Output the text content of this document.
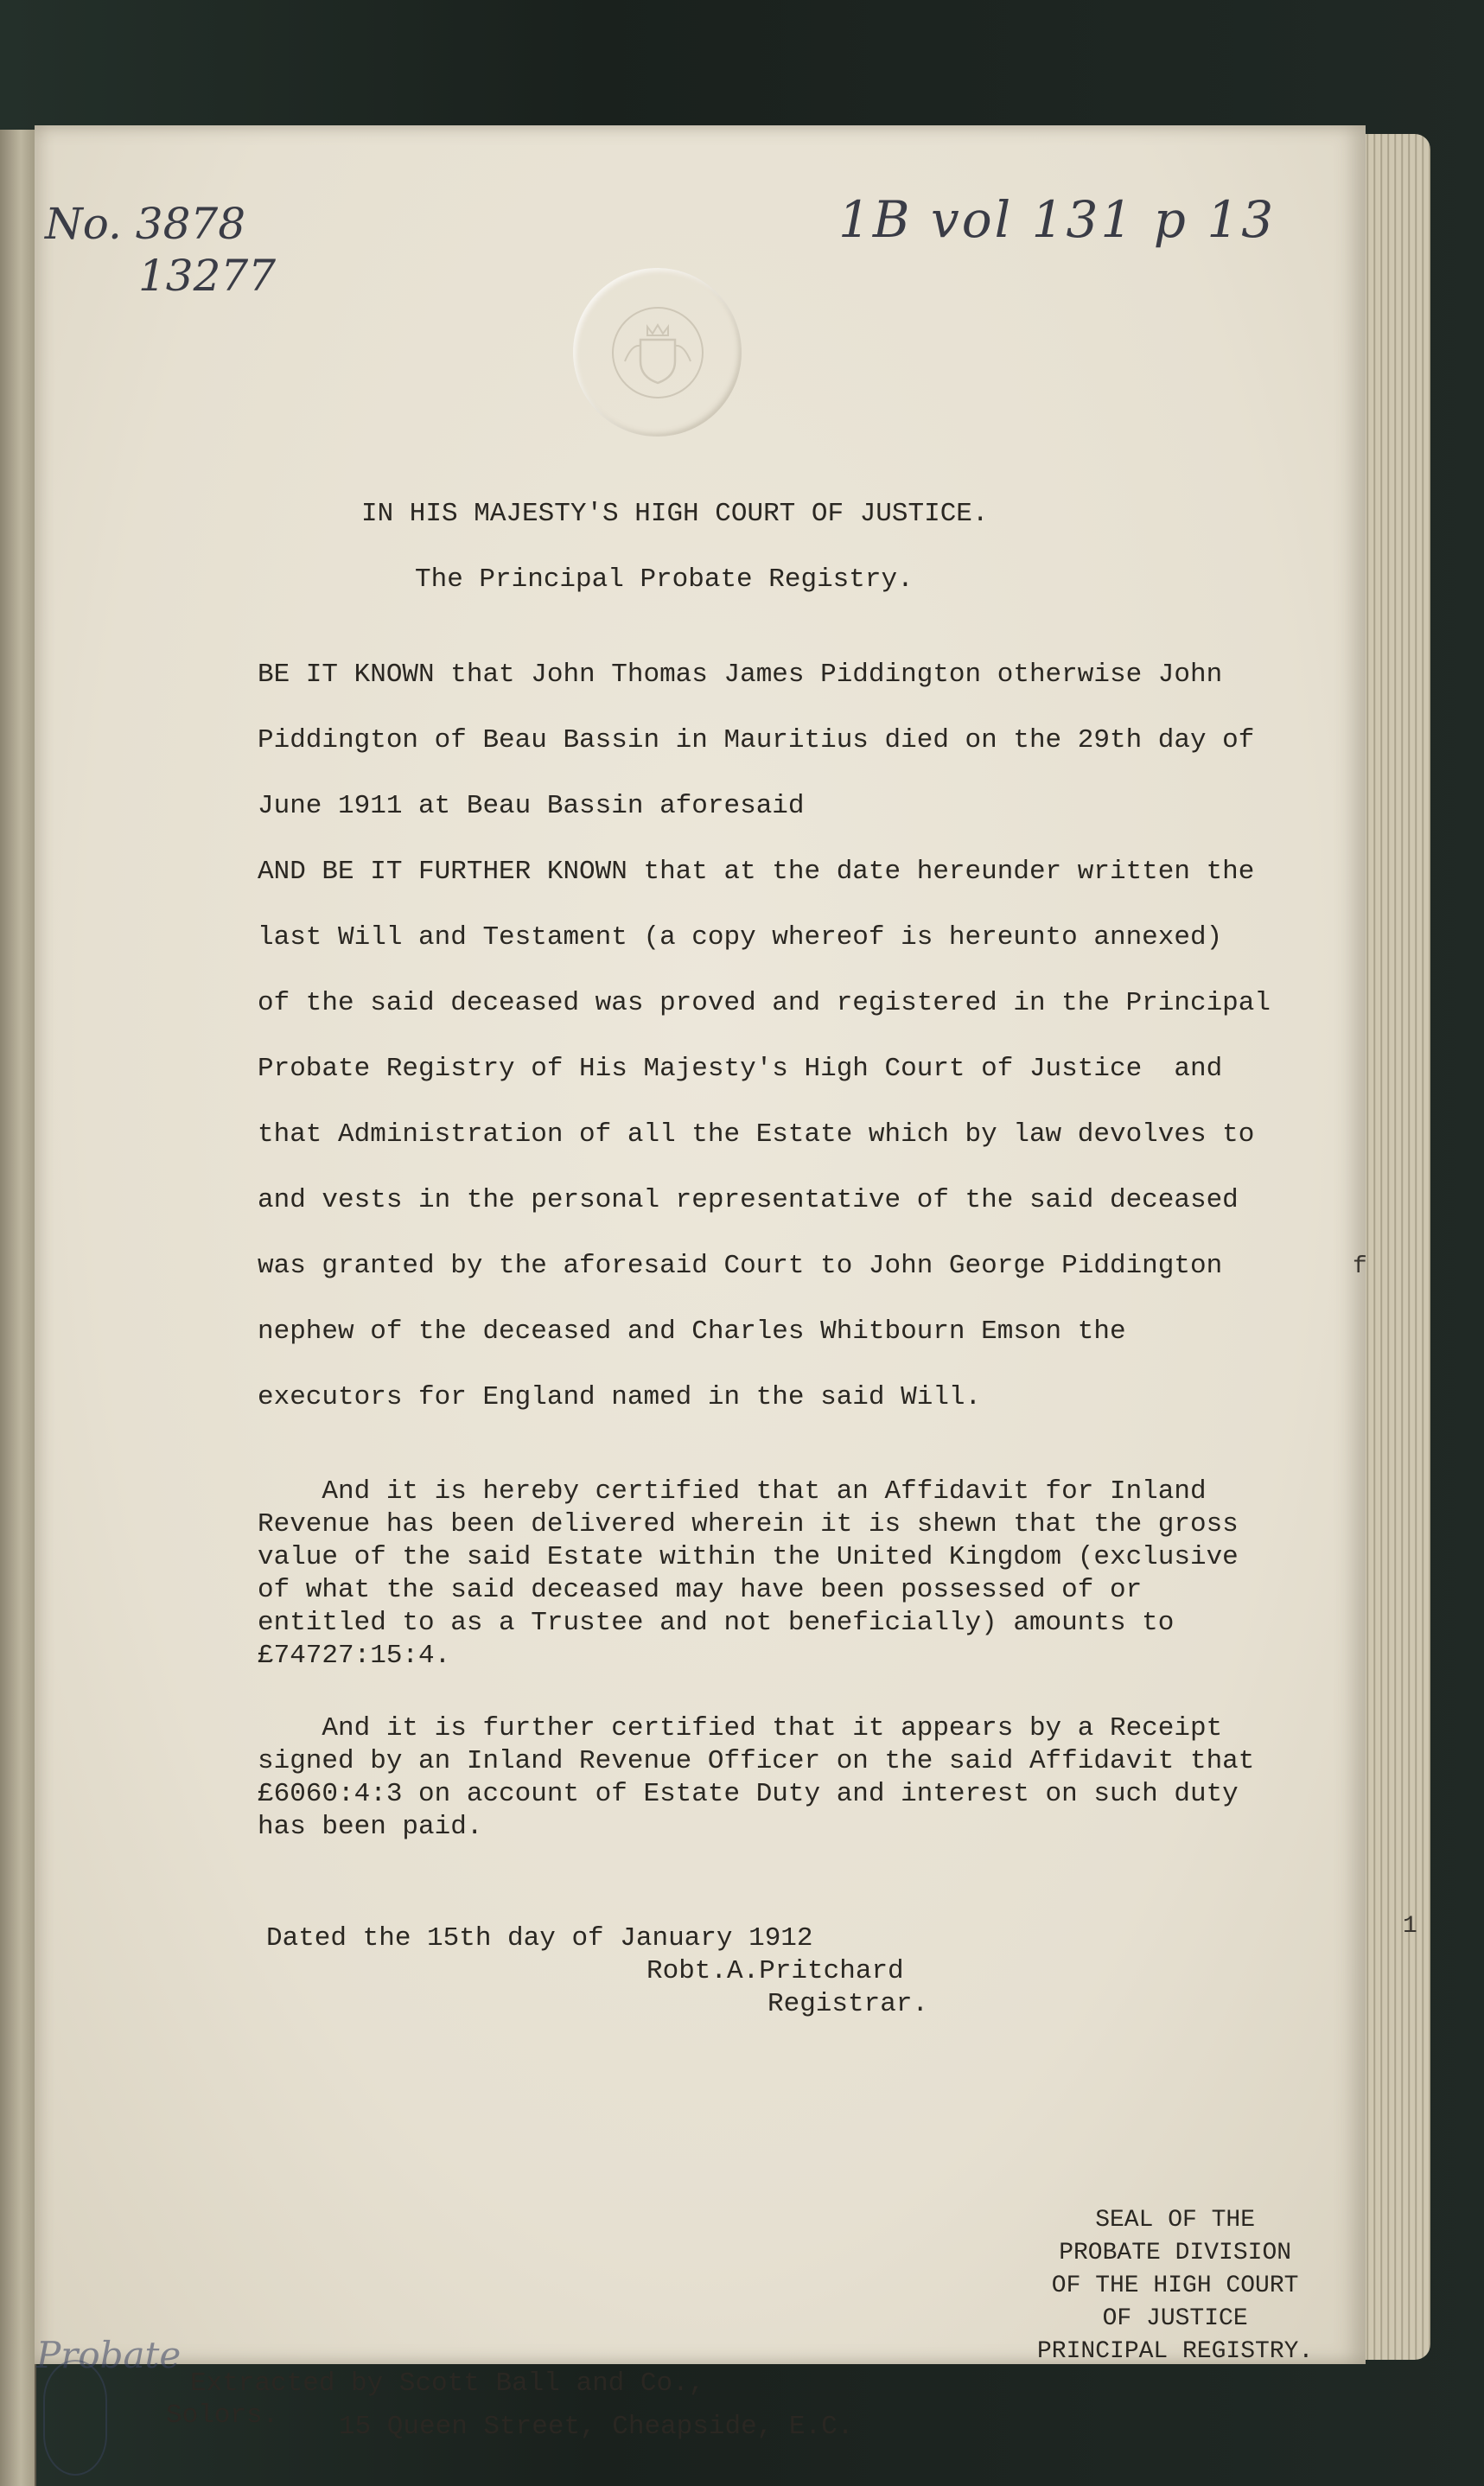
No. 3878
13277
1B vol 131 p 13
IN HIS MAJESTY'S HIGH COURT OF JUSTICE.
The Principal Probate Registry.
BE IT KNOWN that John Thomas James Piddington otherwise John
Piddington of Beau Bassin in Mauritius died on the 29th day of
June 1911 at Beau Bassin aforesaid
AND BE IT FURTHER KNOWN that at the date hereunder written the
last Will and Testament (a copy whereof is hereunto annexed)
of the said deceased was proved and registered in the Principal
Probate Registry of His Majesty's High Court of Justice  and
that Administration of all the Estate which by law devolves to
and vests in the personal representative of the said deceased
was granted by the aforesaid Court to John George Piddington
nephew of the deceased and Charles Whitbourn Emson the
executors for England named in the said Will.
And it is hereby certified that an Affidavit for Inland
Revenue has been delivered wherein it is shewn that the gross
value of the said Estate within the United Kingdom (exclusive
of what the said deceased may have been possessed of or
entitled to as a Trustee and not beneficially) amounts to
£74727:15:4.
And it is further certified that it appears by a Receipt
signed by an Inland Revenue Officer on the said Affidavit that
£6060:4:3 on account of Estate Duty and interest on such duty
has been paid.
Dated the 15th day of January 1912
Robt.A.Pritchard
Registrar.
f
1
SEAL OF THE
PROBATE DIVISION
OF THE HIGH COURT
OF JUSTICE
PRINCIPAL REGISTRY.
Probate
Extracted by Scott Ball and Co.,
Solors. 15 Queen Street, Cheapside, E.C.
